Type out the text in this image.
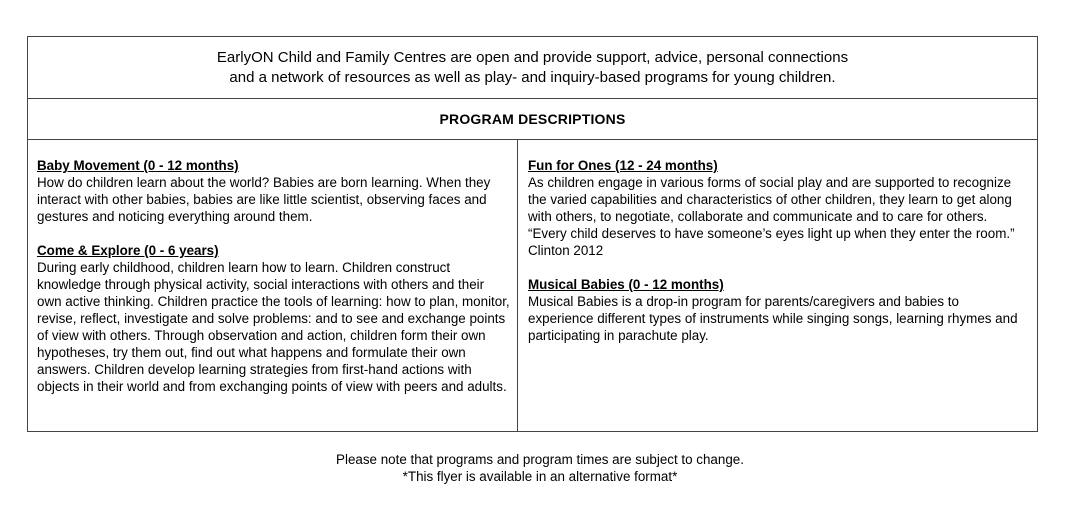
EarlyON Child and Family Centres are open and provide support, advice, personal connections
and a network of resources as well as play- and inquiry-based programs for young children.
PROGRAM DESCRIPTIONS
Baby Movement (0 - 12 months)
How do children learn about the world? Babies are born learning. When they interact with other babies, babies are like little scientist, observing faces and gestures and noticing everything around them.
Come & Explore (0 - 6 years)
During early childhood, children learn how to learn. Children construct knowledge through physical activity, social interactions with others and their own active thinking. Children practice the tools of learning: how to plan, monitor, revise, reflect, investigate and solve problems: and to see and exchange points of view with others. Through observation and action, children form their own hypotheses, try them out, find out what happens and formulate their own answers. Children develop learning strategies from first-hand actions with objects in their world and from exchanging points of view with peers and adults.
Fun for Ones (12 - 24 months)
As children engage in various forms of social play and are supported to recognize the varied capabilities and characteristics of other children, they learn to get along with others, to negotiate, collaborate and communicate and to care for others. “Every child deserves to have someone’s eyes light up when they enter the room.” Clinton 2012
Musical Babies (0 - 12 months)
Musical Babies is a drop-in program for parents/caregivers and babies to experience different types of instruments while singing songs, learning rhymes and participating in parachute play.
Please note that programs and program times are subject to change.
*This flyer is available in an alternative format*
